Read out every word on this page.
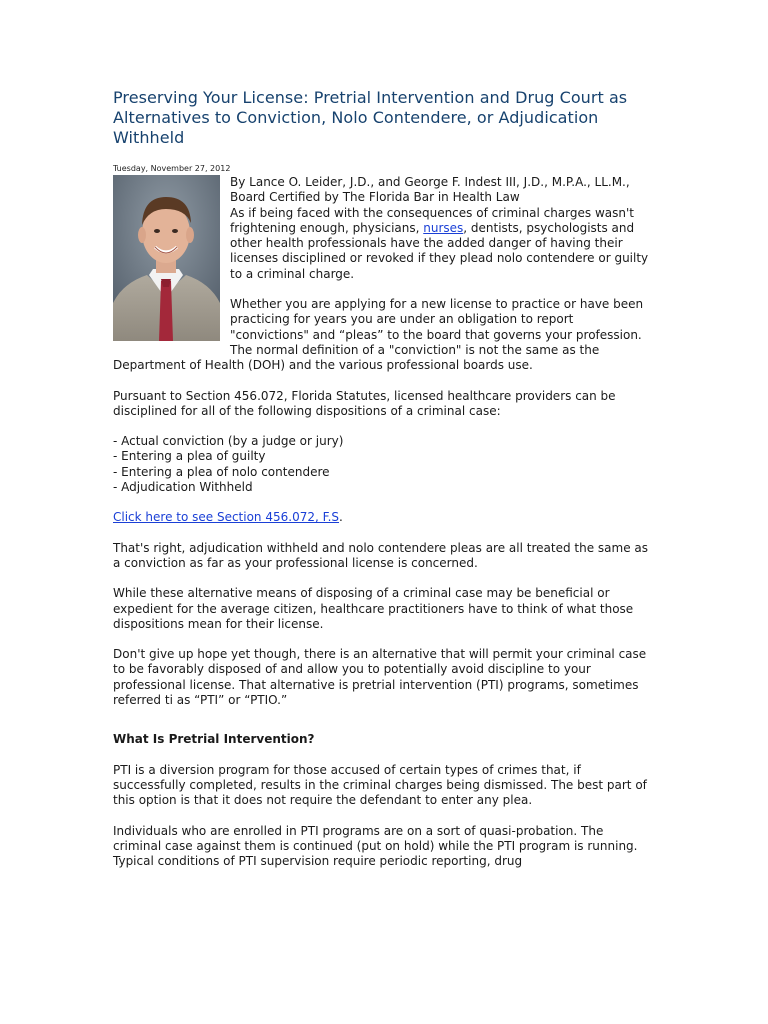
Preserving Your License: Pretrial Intervention and Drug Court as Alternatives to Conviction, Nolo Contendere, or Adjudication Withheld
Tuesday, November 27, 2012
By Lance O. Leider, J.D., and George F. Indest III, J.D., M.P.A., LL.M., Board Certified by The Florida Bar in Health Law
As if being faced with the consequences of criminal charges wasn't frightening enough, physicians, nurses, dentists, psychologists and other health professionals have the added danger of having their licenses disciplined or revoked if they plead nolo contendere or guilty to a criminal charge.
Whether you are applying for a new license to practice or have been practicing for years you are under an obligation to report "convictions" and “pleas” to the board that governs your profession. The normal definition of a "conviction" is not the same as the Department of Health (DOH) and the various professional boards use.
Pursuant to Section 456.072, Florida Statutes, licensed healthcare providers can be disciplined for all of the following dispositions of a criminal case:
- Actual conviction (by a judge or jury)
- Entering a plea of guilty
- Entering a plea of nolo contendere
- Adjudication Withheld
Click here to see Section 456.072, F.S.
That's right, adjudication withheld and nolo contendere pleas are all treated the same as a conviction as far as your professional license is concerned.
While these alternative means of disposing of a criminal case may be beneficial or expedient for the average citizen, healthcare practitioners have to think of what those dispositions mean for their license.
Don't give up hope yet though, there is an alternative that will permit your criminal case to be favorably disposed of and allow you to potentially avoid discipline to your professional license. That alternative is pretrial intervention (PTI) programs, sometimes referred ti as “PTI” or “PTIO.”
What Is Pretrial Intervention?
PTI is a diversion program for those accused of certain types of crimes that, if successfully completed, results in the criminal charges being dismissed. The best part of this option is that it does not require the defendant to enter any plea.
Individuals who are enrolled in PTI programs are on a sort of quasi-probation. The criminal case against them is continued (put on hold) while the PTI program is running. Typical conditions of PTI supervision require periodic reporting, drug
